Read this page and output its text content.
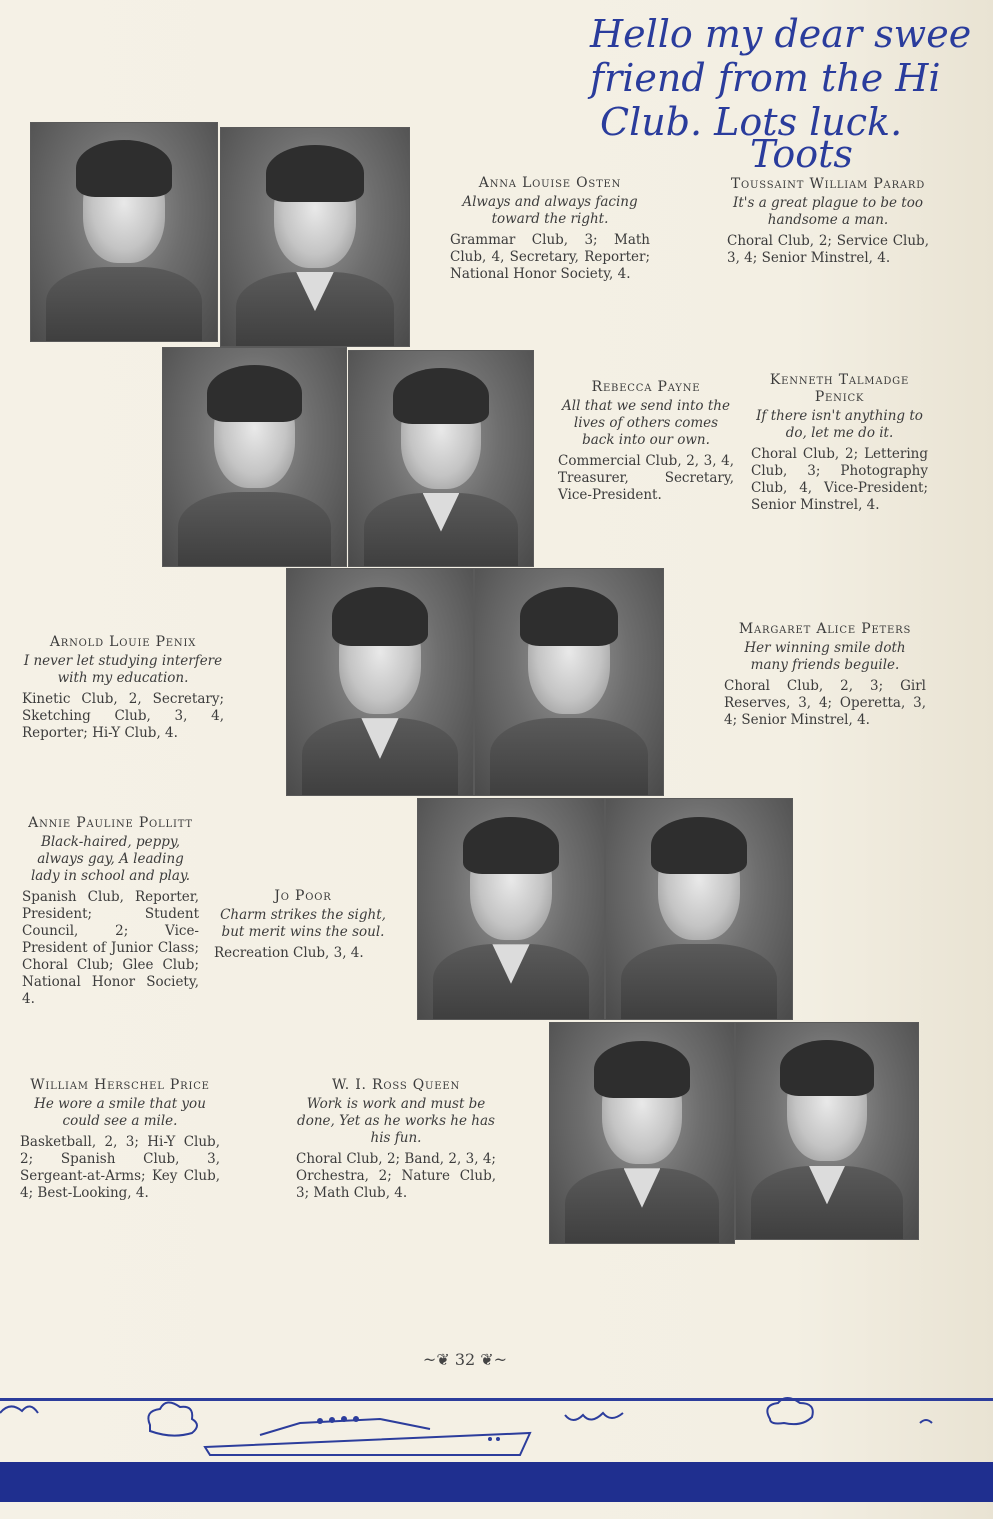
Hello my dear swee
friend from the Hi
Club. Lots luck.
Toots
Anna Louise Osten
Always and always facing toward the right.
Grammar Club, 3; Math Club, 4, Secretary, Reporter; National Honor Society, 4.
Toussaint William Parard
It's a great plague to be too handsome a man.
Choral Club, 2; Service Club, 3, 4; Senior Minstrel, 4.
Rebecca Payne
All that we send into the lives of others comes back into our own.
Commercial Club, 2, 3, 4, Treasurer, Secretary, Vice-President.
Kenneth Talmadge Penick
If there isn't anything to do, let me do it.
Choral Club, 2; Lettering Club, 3; Photography Club, 4, Vice-President; Senior Minstrel, 4.
Arnold Louie Penix
I never let studying interfere with my education.
Kinetic Club, 2, Secretary; Sketching Club, 3, 4, Reporter; Hi-Y Club, 4.
Margaret Alice Peters
Her winning smile doth many friends beguile.
Choral Club, 2, 3; Girl Reserves, 3, 4; Operetta, 3, 4; Senior Minstrel, 4.
Annie Pauline Pollitt
Black-haired, peppy, always gay, A leading lady in school and play.
Spanish Club, Reporter, President; Student Council, 2; Vice-President of Junior Class; Choral Club; Glee Club; National Honor Society, 4.
Jo Poor
Charm strikes the sight, but merit wins the soul.
Recreation Club, 3, 4.
William Herschel Price
He wore a smile that you could see a mile.
Basketball, 2, 3; Hi-Y Club, 2; Spanish Club, 3, Sergeant-at-Arms; Key Club, 4; Best-Looking, 4.
W. I. Ross Queen
Work is work and must be done, Yet as he works he has his fun.
Choral Club, 2; Band, 2, 3, 4; Orchestra, 2; Nature Club, 3; Math Club, 4.
~❦ 32 ❦~
